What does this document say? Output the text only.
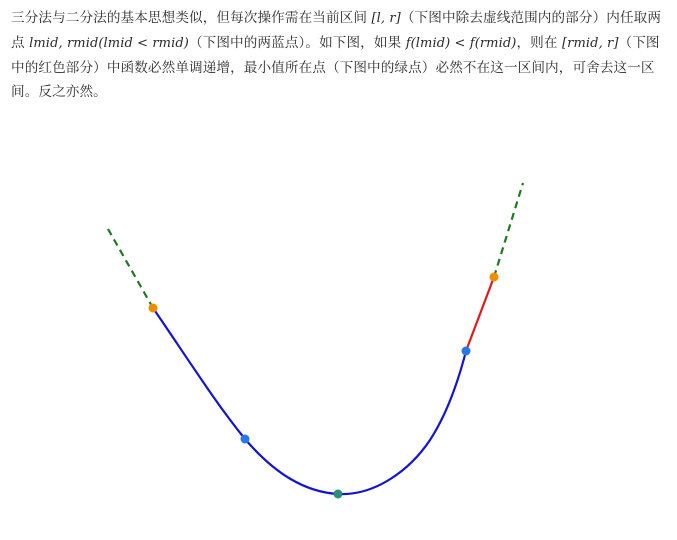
三分法与二分法的基本思想类似，但每次操作需在当前区间 [l, r]（下图中除去虚线范围内的部分）内任取两点 lmid, rmid(lmid < rmid)（下图中的两蓝点）。如下图，如果 f(lmid) < f(rmid)，则在 [rmid, r]（下图中的红色部分）中函数必然单调递增，最小值所在点（下图中的绿点）必然不在这一区间内，可舍去这一区间。反之亦然。
